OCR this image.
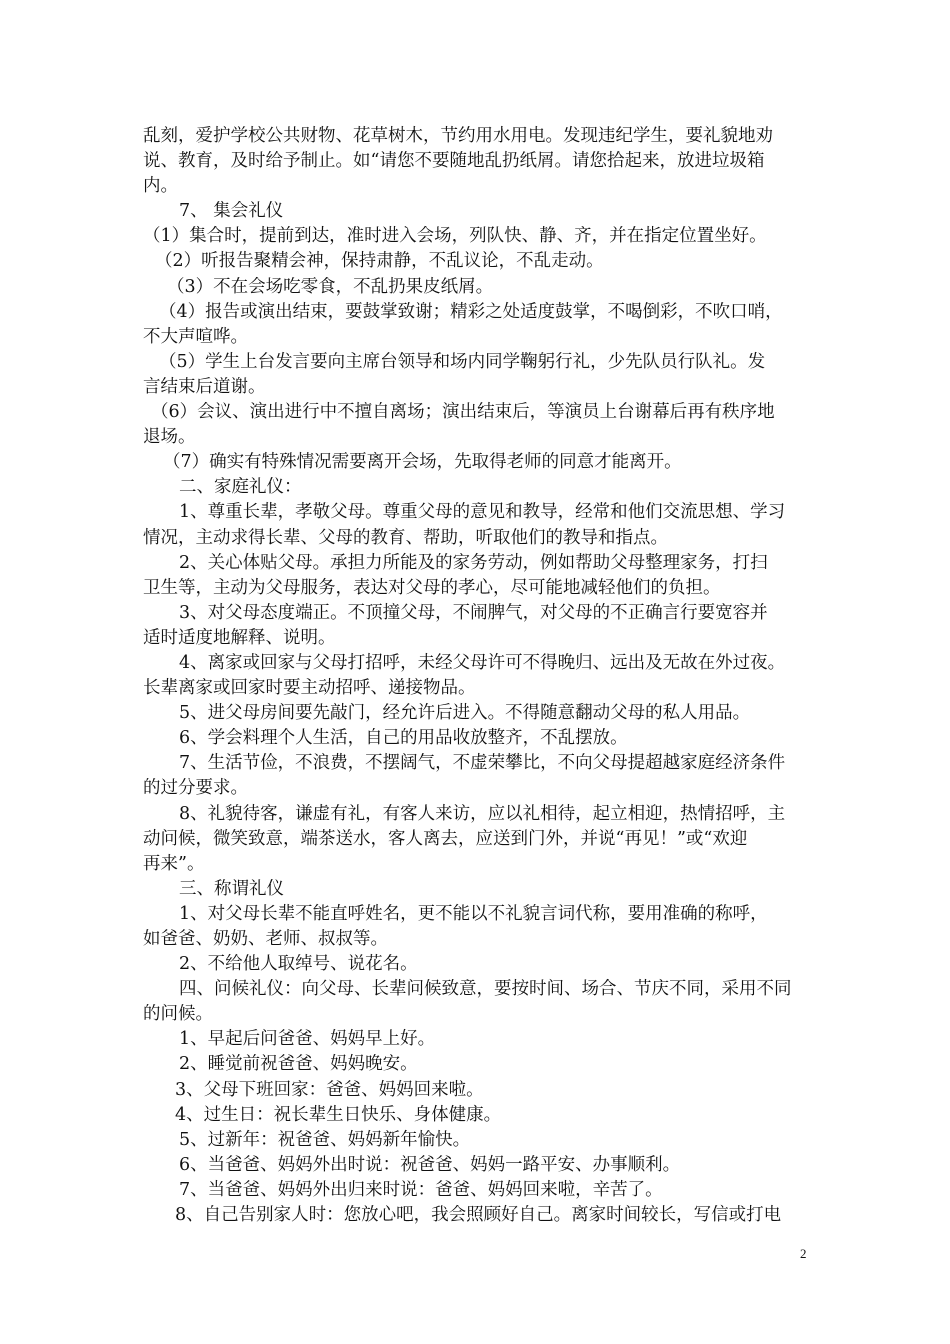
乱刻，爱护学校公共财物、花草树木，节约用水用电。发现违纪学生，要礼貌地劝
说、教育，及时给予制止。如“请您不要随地乱扔纸屑。请您拾起来，放进垃圾箱
内。
7、 集会礼仪
（1）集合时，提前到达，准时进入会场，列队快、静、齐，并在指定位置坐好。
（2）听报告聚精会神，保持肃静，不乱议论，不乱走动。
（3）不在会场吃零食，不乱扔果皮纸屑。
（4）报告或演出结束，要鼓掌致谢；精彩之处适度鼓掌，不喝倒彩，不吹口哨，
不大声喧哗。
（5）学生上台发言要向主席台领导和场内同学鞠躬行礼，少先队员行队礼。发
言结束后道谢。
（6）会议、演出进行中不擅自离场；演出结束后，等演员上台谢幕后再有秩序地
退场。
（7）确实有特殊情况需要离开会场，先取得老师的同意才能离开。
二、家庭礼仪：
1、尊重长辈，孝敬父母。尊重父母的意见和教导，经常和他们交流思想、学习
情况，主动求得长辈、父母的教育、帮助，听取他们的教导和指点。
2、关心体贴父母。承担力所能及的家务劳动，例如帮助父母整理家务，打扫
卫生等，主动为父母服务，表达对父母的孝心，尽可能地减轻他们的负担。
3、对父母态度端正。不顶撞父母，不闹脾气，对父母的不正确言行要宽容并
适时适度地解释、说明。
4、离家或回家与父母打招呼，未经父母许可不得晚归、远出及无故在外过夜。
长辈离家或回家时要主动招呼、递接物品。
5、进父母房间要先敲门，经允许后进入。不得随意翻动父母的私人用品。
6、学会料理个人生活，自己的用品收放整齐，不乱摆放。
7、生活节俭，不浪费，不摆阔气，不虚荣攀比，不向父母提超越家庭经济条件
的过分要求。
8、礼貌待客，谦虚有礼，有客人来访，应以礼相待，起立相迎，热情招呼，主
动问候，微笑致意，端茶送水，客人离去，应送到门外，并说“再见！”或“欢迎
再来”。
三、称谓礼仪
1、对父母长辈不能直呼姓名，更不能以不礼貌言词代称，要用准确的称呼，
如爸爸、奶奶、老师、叔叔等。
2、不给他人取绰号、说花名。
四、问候礼仪：向父母、长辈问候致意，要按时间、场合、节庆不同，采用不同
的问候。
1、早起后问爸爸、妈妈早上好。
2、睡觉前祝爸爸、妈妈晚安。
3、父母下班回家：爸爸、妈妈回来啦。
4、过生日：祝长辈生日快乐、身体健康。
5、过新年：祝爸爸、妈妈新年愉快。
6、当爸爸、妈妈外出时说：祝爸爸、妈妈一路平安、办事顺利。
7、当爸爸、妈妈外出归来时说：爸爸、妈妈回来啦，辛苦了。
8、自己告别家人时：您放心吧，我会照顾好自己。离家时间较长，写信或打电
2
